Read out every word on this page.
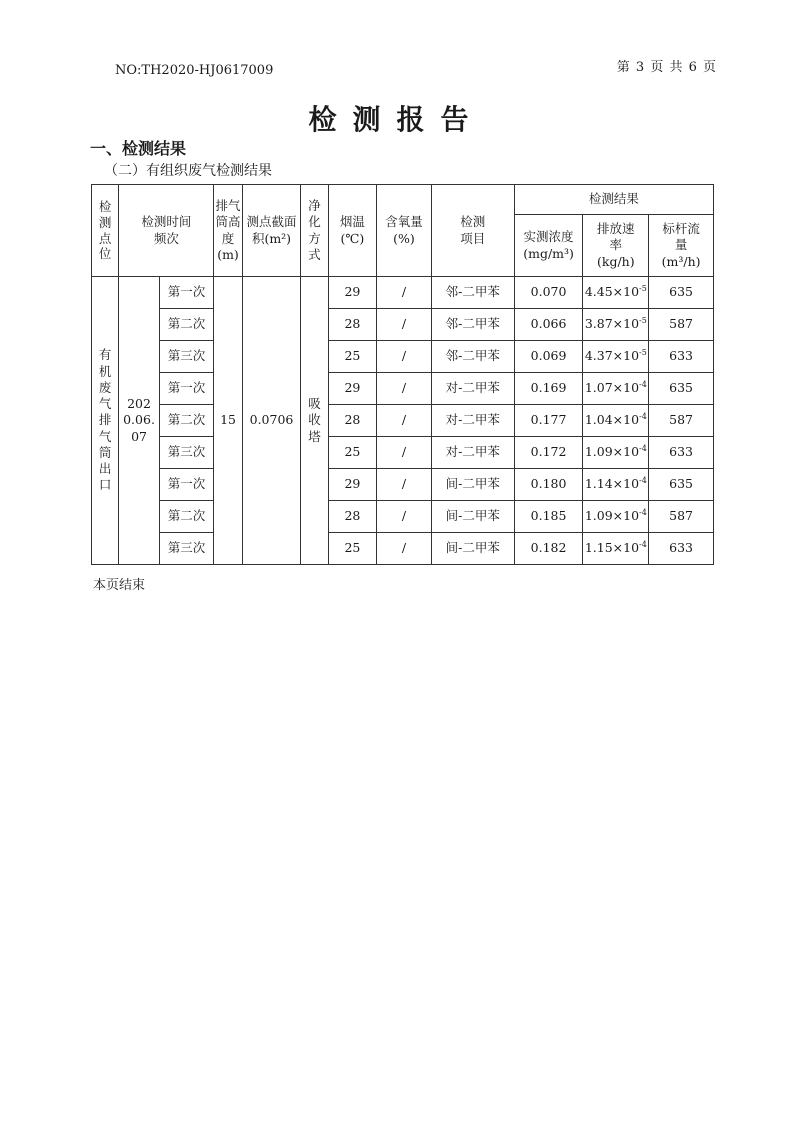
NO:TH2020-HJ0617009	第 3 页 共 6 页
检测报告
一、检测结果
（二）有组织废气检测结果
检测点位	检测时间频次		排气筒高度(m)	测点截面积(m²)	净化方式	烟温(℃)	含氧量(%)	检测项目	检测结果		

									实测浓度(mg/m³)	排放速率(kg/h)	标杆流量(m³/h)

有机废气排气筒出口	2020.06.07	第一次	15	0.0706	吸收塔	29	/	邻-二甲苯	0.070	$4.45\times 10^{-5}$	635
		第二次				28	/	邻-二甲苯	0.066	$3.87\times 10^{-5}$	587
		第三次				25	/	邻-二甲苯	0.069	$4.37\times 10^{-5}$	633
		第一次				29	/	对-二甲苯	0.169	$1.07\times 10^{-4}$	635
		第二次				28	/	对-二甲苯	0.177	$1.04\times 10^{-4}$	587
		第三次				25	/	对-二甲苯	0.172	$1.09\times 10^{-4}$	633
		第一次				29	/	间-二甲苯	0.180	$1.14\times 10^{-4}$	635
		第二次				28	/	间-二甲苯	0.185	$1.09\times 10^{-4}$	587
		第三次				25	/	间-二甲苯	0.182	$1.15\times 10^{-4}$	633
本页结束
